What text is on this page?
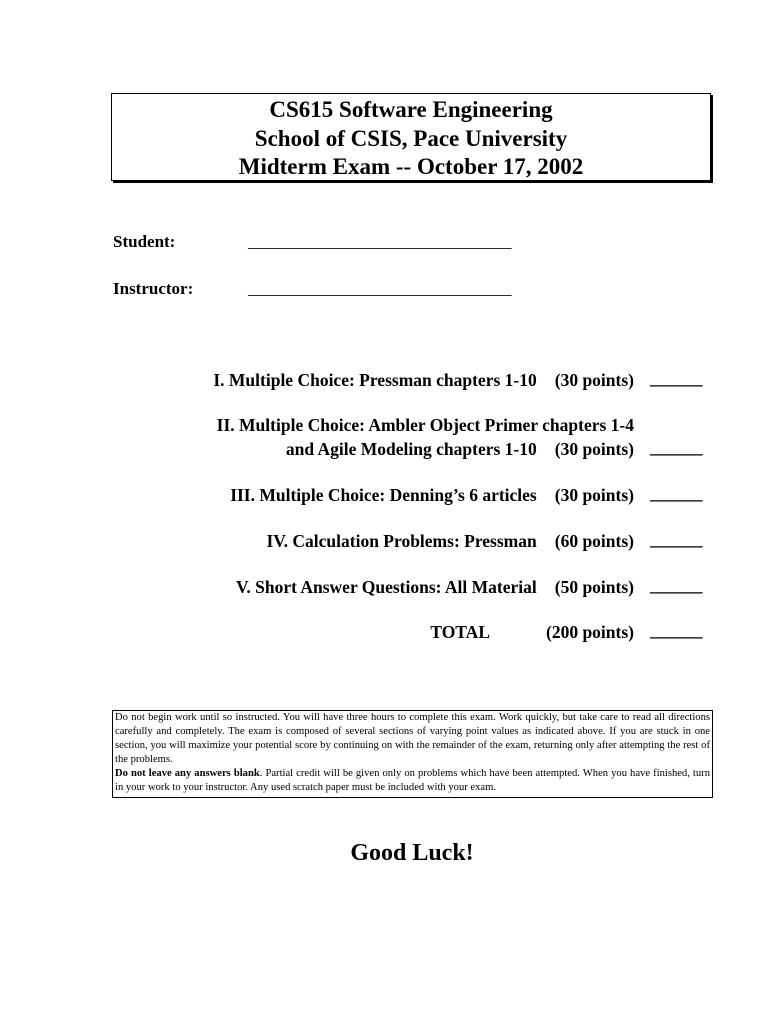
CS615 Software Engineering
School of CSIS, Pace University
Midterm Exam -- October 17, 2002
Student:	_______________________________
Instructor:	_______________________________
I. Multiple Choice: Pressman chapters 1-10 (30 points) ______
II. Multiple Choice: Ambler Object Primer chapters 1-4
and Agile Modeling chapters 1-10 (30 points) ______
III. Multiple Choice: Denning’s 6 articles (30 points) ______
IV. Calculation Problems: Pressman (60 points) ______
V. Short Answer Questions: All Material (50 points) ______
TOTAL	(200 points) ______

Do not begin work until so instructed. You will have three hours to complete this exam. Work quickly, but take care to read all directions carefully and completely. The exam is composed of several sections of varying point values as indicated above. If you are stuck in one section, you will maximize your potential score by continuing on with the remainder of the exam, returning only after attempting the rest of the problems.

Do not leave any answers blank. Partial credit will be given only on problems which have been attempted. When you have finished, turn in your work to your instructor. Any used scratch paper must be included with your exam.

Good Luck!
